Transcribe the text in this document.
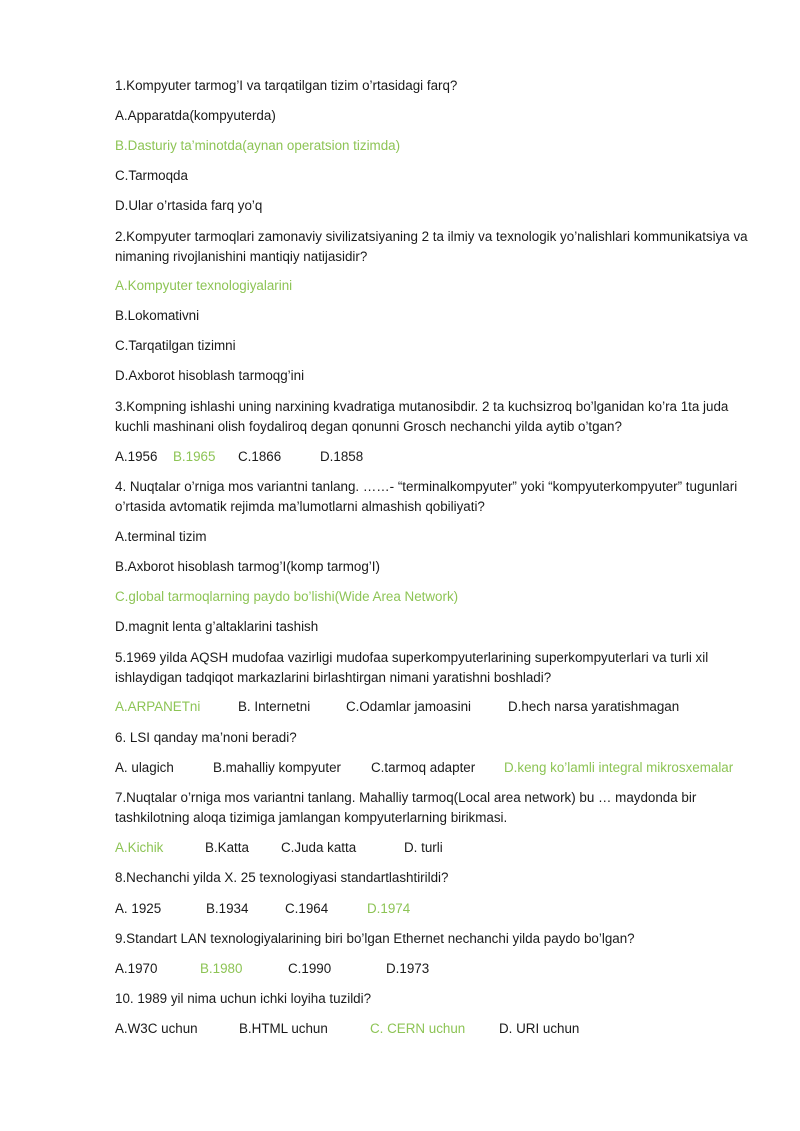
1.Kompyuter tarmog’I va tarqatilgan tizim o’rtasidagi farq?
A.Apparatda(kompyuterda)
B.Dasturiy ta’minotda(aynan operatsion tizimda)
C.Tarmoqda
D.Ular o’rtasida farq yo’q
2.Kompyuter tarmoqlari zamonaviy sivilizatsiyaning 2 ta ilmiy va texnologik yo’nalishlari kommunikatsiya va nimaning rivojlanishini mantiqiy natijasidir?
A.Kompyuter texnologiyalarini
B.Lokomativni
C.Tarqatilgan tizimni
D.Axborot hisoblash tarmoqg’ini
3.Kompning ishlashi uning narxining kvadratiga mutanosibdir. 2 ta kuchsizroq bo’lganidan ko’ra 1ta juda kuchli mashinani olish foydaliroq degan qonunni Grosch nechanchi yilda aytib o’tgan?
A.1956 B.1965 C.1866	D.1858
4. Nuqtalar o’rniga mos variantni tanlang. ……- “terminalkompyuter” yoki “kompyuterkompyuter” tugunlari o’rtasida avtomatik rejimda ma’lumotlarni almashish qobiliyati?
A.terminal tizim
B.Axborot hisoblash tarmog’I(komp tarmog’I)
C.global tarmoqlarning paydo bo’lishi(Wide Area Network)
D.magnit lenta g’altaklarini tashish
5.1969 yilda AQSH mudofaa vazirligi mudofaa superkompyuterlarining superkompyuterlari va turli xil ishlaydigan tadqiqot markazlarini birlashtirgan nimani yaratishni boshladi?
A.ARPANETni	B. Internetni	C.Odamlar jamoasini	D.hech narsa yaratishmagan
6. LSI qanday ma’noni beradi?
A. ulagich	B.mahalliy kompyuter C.tarmoq adapter D.keng ko’lamli integral mikrosxemalar
7.Nuqtalar o’rniga mos variantni tanlang. Mahalliy tarmoq(Local area network) bu … maydonda bir tashkilotning aloqa tizimiga jamlangan kompyuterlarning birikmasi.
A.Kichik	B.Katta C.Juda katta	D. turli
8.Nechanchi yilda X. 25 texnologiyasi standartlashtirildi?
A. 1925	B.1934	C.1964	D.1974
9.Standart LAN texnologiyalarining biri bo’lgan Ethernet nechanchi yilda paydo bo’lgan?
A.1970	B.1980	C.1990	D.1973
10. 1989 yil nima uchun ichki loyiha tuzildi?
A.W3C uchun	B.HTML uchun	C. CERN uchun	D. URI uchun
